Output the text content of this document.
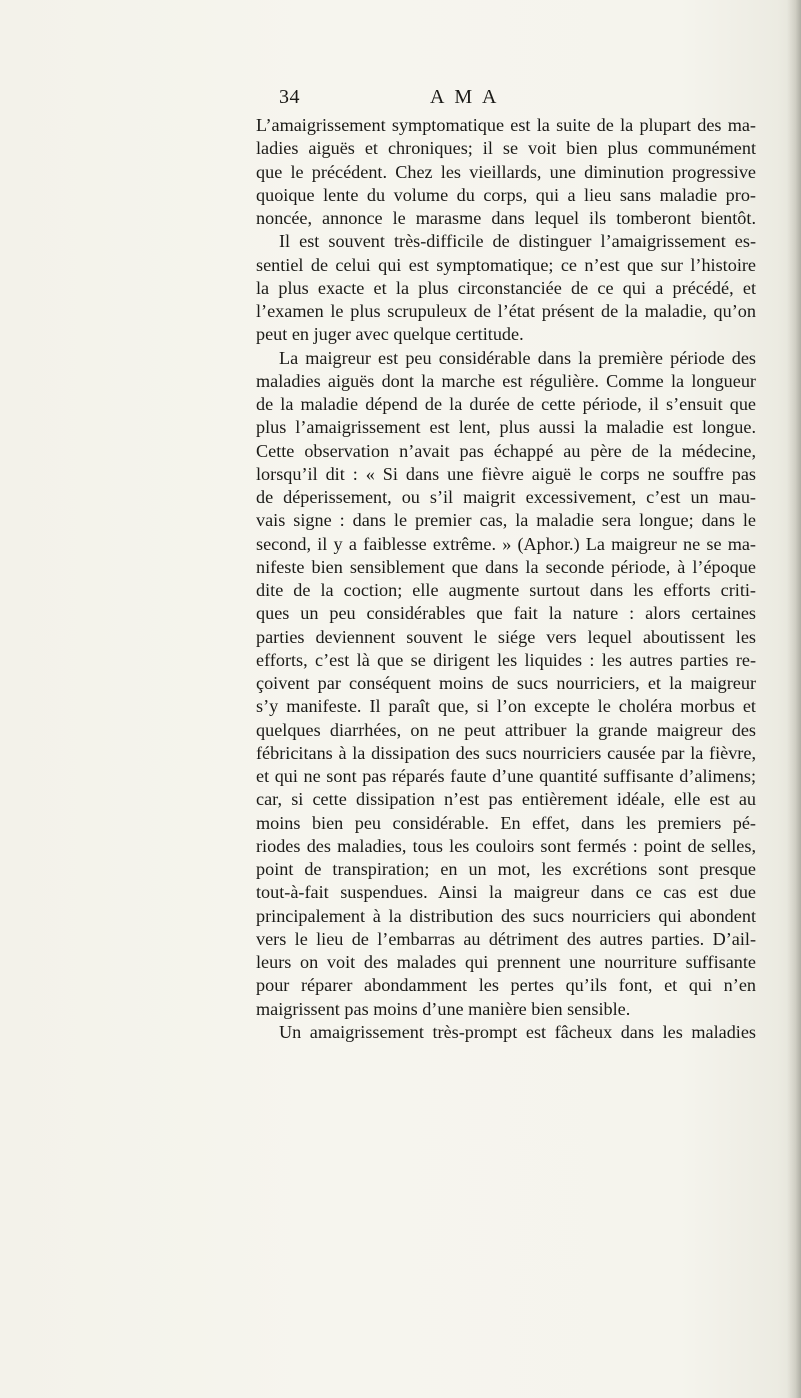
34	A M A
L’amaigrissement symptomatique est la suite de la plupart des ma-
ladies aiguës et chroniques; il se voit bien plus communément
que le précédent. Chez les vieillards, une diminution progressive
quoique lente du volume du corps, qui a lieu sans maladie pro-
noncée, annonce le marasme dans lequel ils tomberont bientôt.
Il est souvent très-difficile de distinguer l’amaigrissement es-
sentiel de celui qui est symptomatique; ce n’est que sur l’histoire
la plus exacte et la plus circonstanciée de ce qui a précédé, et
l’examen le plus scrupuleux de l’état présent de la maladie, qu’on
peut en juger avec quelque certitude.
La maigreur est peu considérable dans la première période des
maladies aiguës dont la marche est régulière. Comme la longueur
de la maladie dépend de la durée de cette période, il s’ensuit que
plus l’amaigrissement est lent, plus aussi la maladie est longue.
Cette observation n’avait pas échappé au père de la médecine,
lorsqu’il dit : « Si dans une fièvre aiguë le corps ne souffre pas
de déperissement, ou s’il maigrit excessivement, c’est un mau-
vais signe : dans le premier cas, la maladie sera longue; dans le
second, il y a faiblesse extrême. » (Aphor.) La maigreur ne se ma-
nifeste bien sensiblement que dans la seconde période, à l’époque
dite de la coction; elle augmente surtout dans les efforts criti-
ques un peu considérables que fait la nature : alors certaines
parties deviennent souvent le siége vers lequel aboutissent les
efforts, c’est là que se dirigent les liquides : les autres parties re-
çoivent par conséquent moins de sucs nourriciers, et la maigreur
s’y manifeste. Il paraît que, si l’on excepte le choléra morbus et
quelques diarrhées, on ne peut attribuer la grande maigreur des
fébricitans à la dissipation des sucs nourriciers causée par la fièvre,
et qui ne sont pas réparés faute d’une quantité suffisante d’alimens;
car, si cette dissipation n’est pas entièrement idéale, elle est au
moins bien peu considérable. En effet, dans les premiers pé-
riodes des maladies, tous les couloirs sont fermés : point de selles,
point de transpiration; en un mot, les excrétions sont presque
tout-à-fait suspendues. Ainsi la maigreur dans ce cas est due
principalement à la distribution des sucs nourriciers qui abondent
vers le lieu de l’embarras au détriment des autres parties. D’ail-
leurs on voit des malades qui prennent une nourriture suffisante
pour réparer abondamment les pertes qu’ils font, et qui n’en
maigrissent pas moins d’une manière bien sensible.
Un amaigrissement très-prompt est fâcheux dans les maladies
